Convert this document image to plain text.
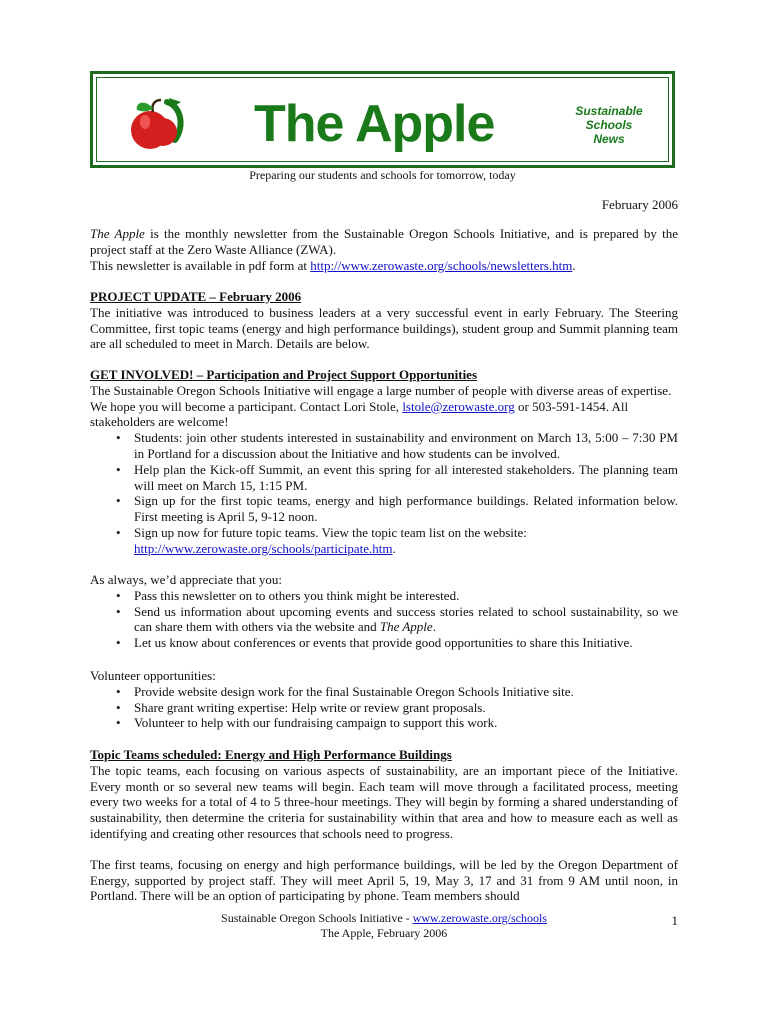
The Apple	Sustainable
Schools
News
Preparing our students and schools for tomorrow, today
February 2006
The Apple is the monthly newsletter from the Sustainable Oregon Schools Initiative, and is prepared by the project staff at the Zero Waste Alliance (ZWA).
This newsletter is available in pdf form at http://www.zerowaste.org/schools/newsletters.htm.
PROJECT UPDATE – February 2006
The initiative was introduced to business leaders at a very successful event in early February. The Steering Committee, first topic teams (energy and high performance buildings), student group and Summit planning team are all scheduled to meet in March. Details are below.
GET INVOLVED! – Participation and Project Support Opportunities
The Sustainable Oregon Schools Initiative will engage a large number of people with diverse areas of expertise. We hope you will become a participant. Contact Lori Stole, lstole@zerowaste.org or 503-591-1454. All stakeholders are welcome!
• Students: join other students interested in sustainability and environment on March 13, 5:00 – 7:30 PM in Portland for a discussion about the Initiative and how students can be involved.
• Help plan the Kick-off Summit, an event this spring for all interested stakeholders. The planning team will meet on March 15, 1:15 PM.
• Sign up for the first topic teams, energy and high performance buildings. Related information below. First meeting is April 5, 9-12 noon.
• Sign up now for future topic teams. View the topic team list on the website: http://www.zerowaste.org/schools/participate.htm.
As always, we’d appreciate that you:
• Pass this newsletter on to others you think might be interested.
• Send us information about upcoming events and success stories related to school sustainability, so we can share them with others via the website and The Apple.
• Let us know about conferences or events that provide good opportunities to share this Initiative.
Volunteer opportunities:
• Provide website design work for the final Sustainable Oregon Schools Initiative site.
• Share grant writing expertise: Help write or review grant proposals.
• Volunteer to help with our fundraising campaign to support this work.
Topic Teams scheduled: Energy and High Performance Buildings
The topic teams, each focusing on various aspects of sustainability, are an important piece of the Initiative. Every month or so several new teams will begin. Each team will move through a facilitated process, meeting every two weeks for a total of 4 to 5 three-hour meetings. They will begin by forming a shared understanding of sustainability, then determine the criteria for sustainability within that area and how to measure each as well as identifying and creating other resources that schools need to progress.
The first teams, focusing on energy and high performance buildings, will be led by the Oregon Department of Energy, supported by project staff. They will meet April 5, 19, May 3, 17 and 31 from 9 AM until noon, in Portland. There will be an option of participating by phone. Team members should
Sustainable Oregon Schools Initiative - www.zerowaste.org/schools
The Apple, February 2006
1
